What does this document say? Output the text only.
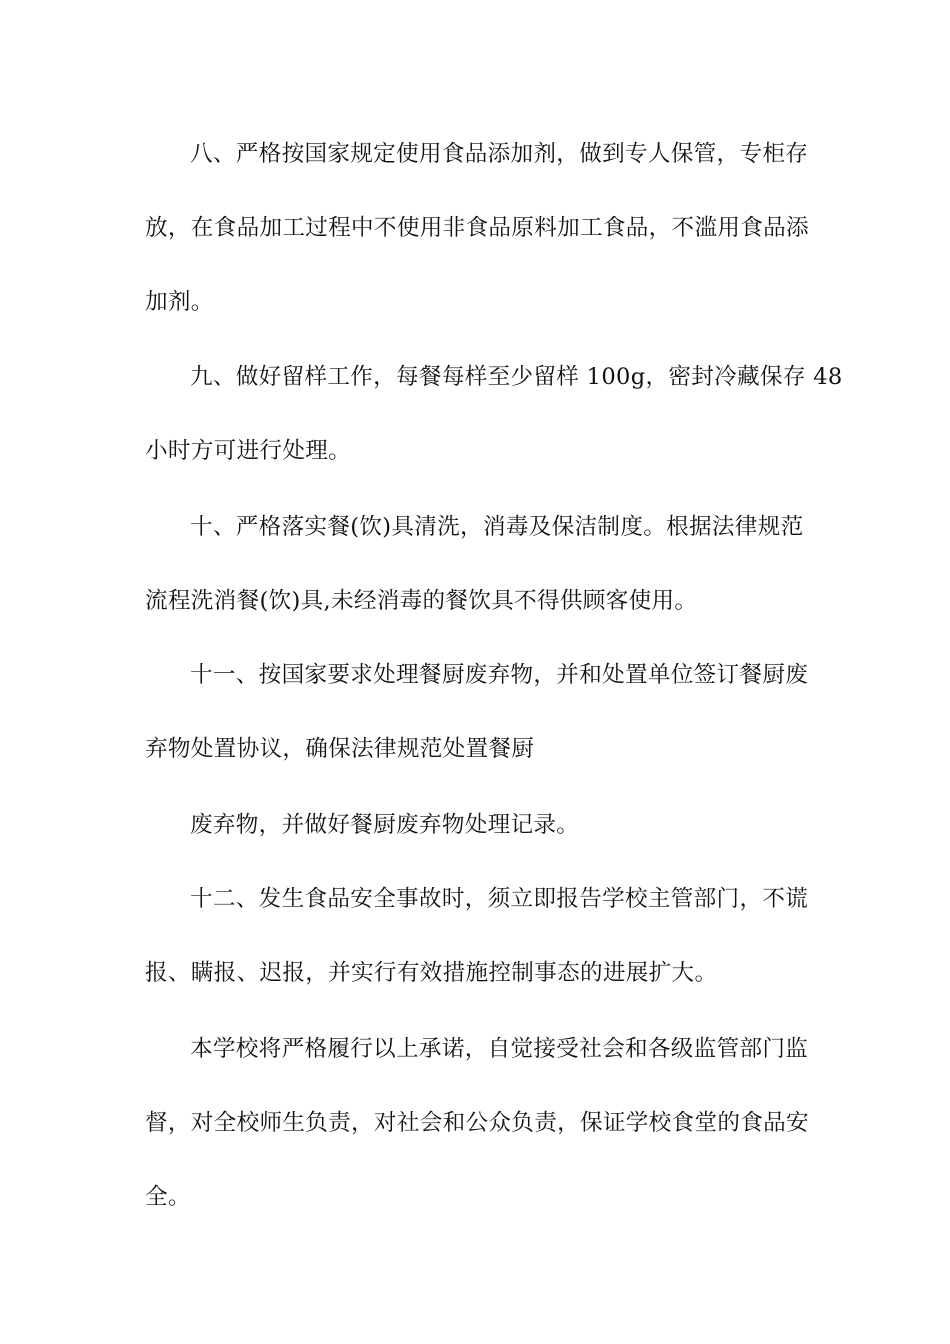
八、严格按国家规定使用食品添加剂，做到专人保管，专柜存
放，在食品加工过程中不使用非食品原料加工食品，不滥用食品添
加剂。
九、做好留样工作，每餐每样至少留样 100g，密封冷藏保存 48
小时方可进行处理。
十、严格落实餐(饮)具清洗，消毒及保洁制度。根据法律规范
流程洗消餐(饮)具,未经消毒的餐饮具不得供顾客使用。
十一、按国家要求处理餐厨废弃物，并和处置单位签订餐厨废
弃物处置协议，确保法律规范处置餐厨
废弃物，并做好餐厨废弃物处理记录。
十二、发生食品安全事故时，须立即报告学校主管部门，不谎
报、瞒报、迟报，并实行有效措施控制事态的进展扩大。
本学校将严格履行以上承诺，自觉接受社会和各级监管部门监
督，对全校师生负责，对社会和公众负责，保证学校食堂的食品安
全。
